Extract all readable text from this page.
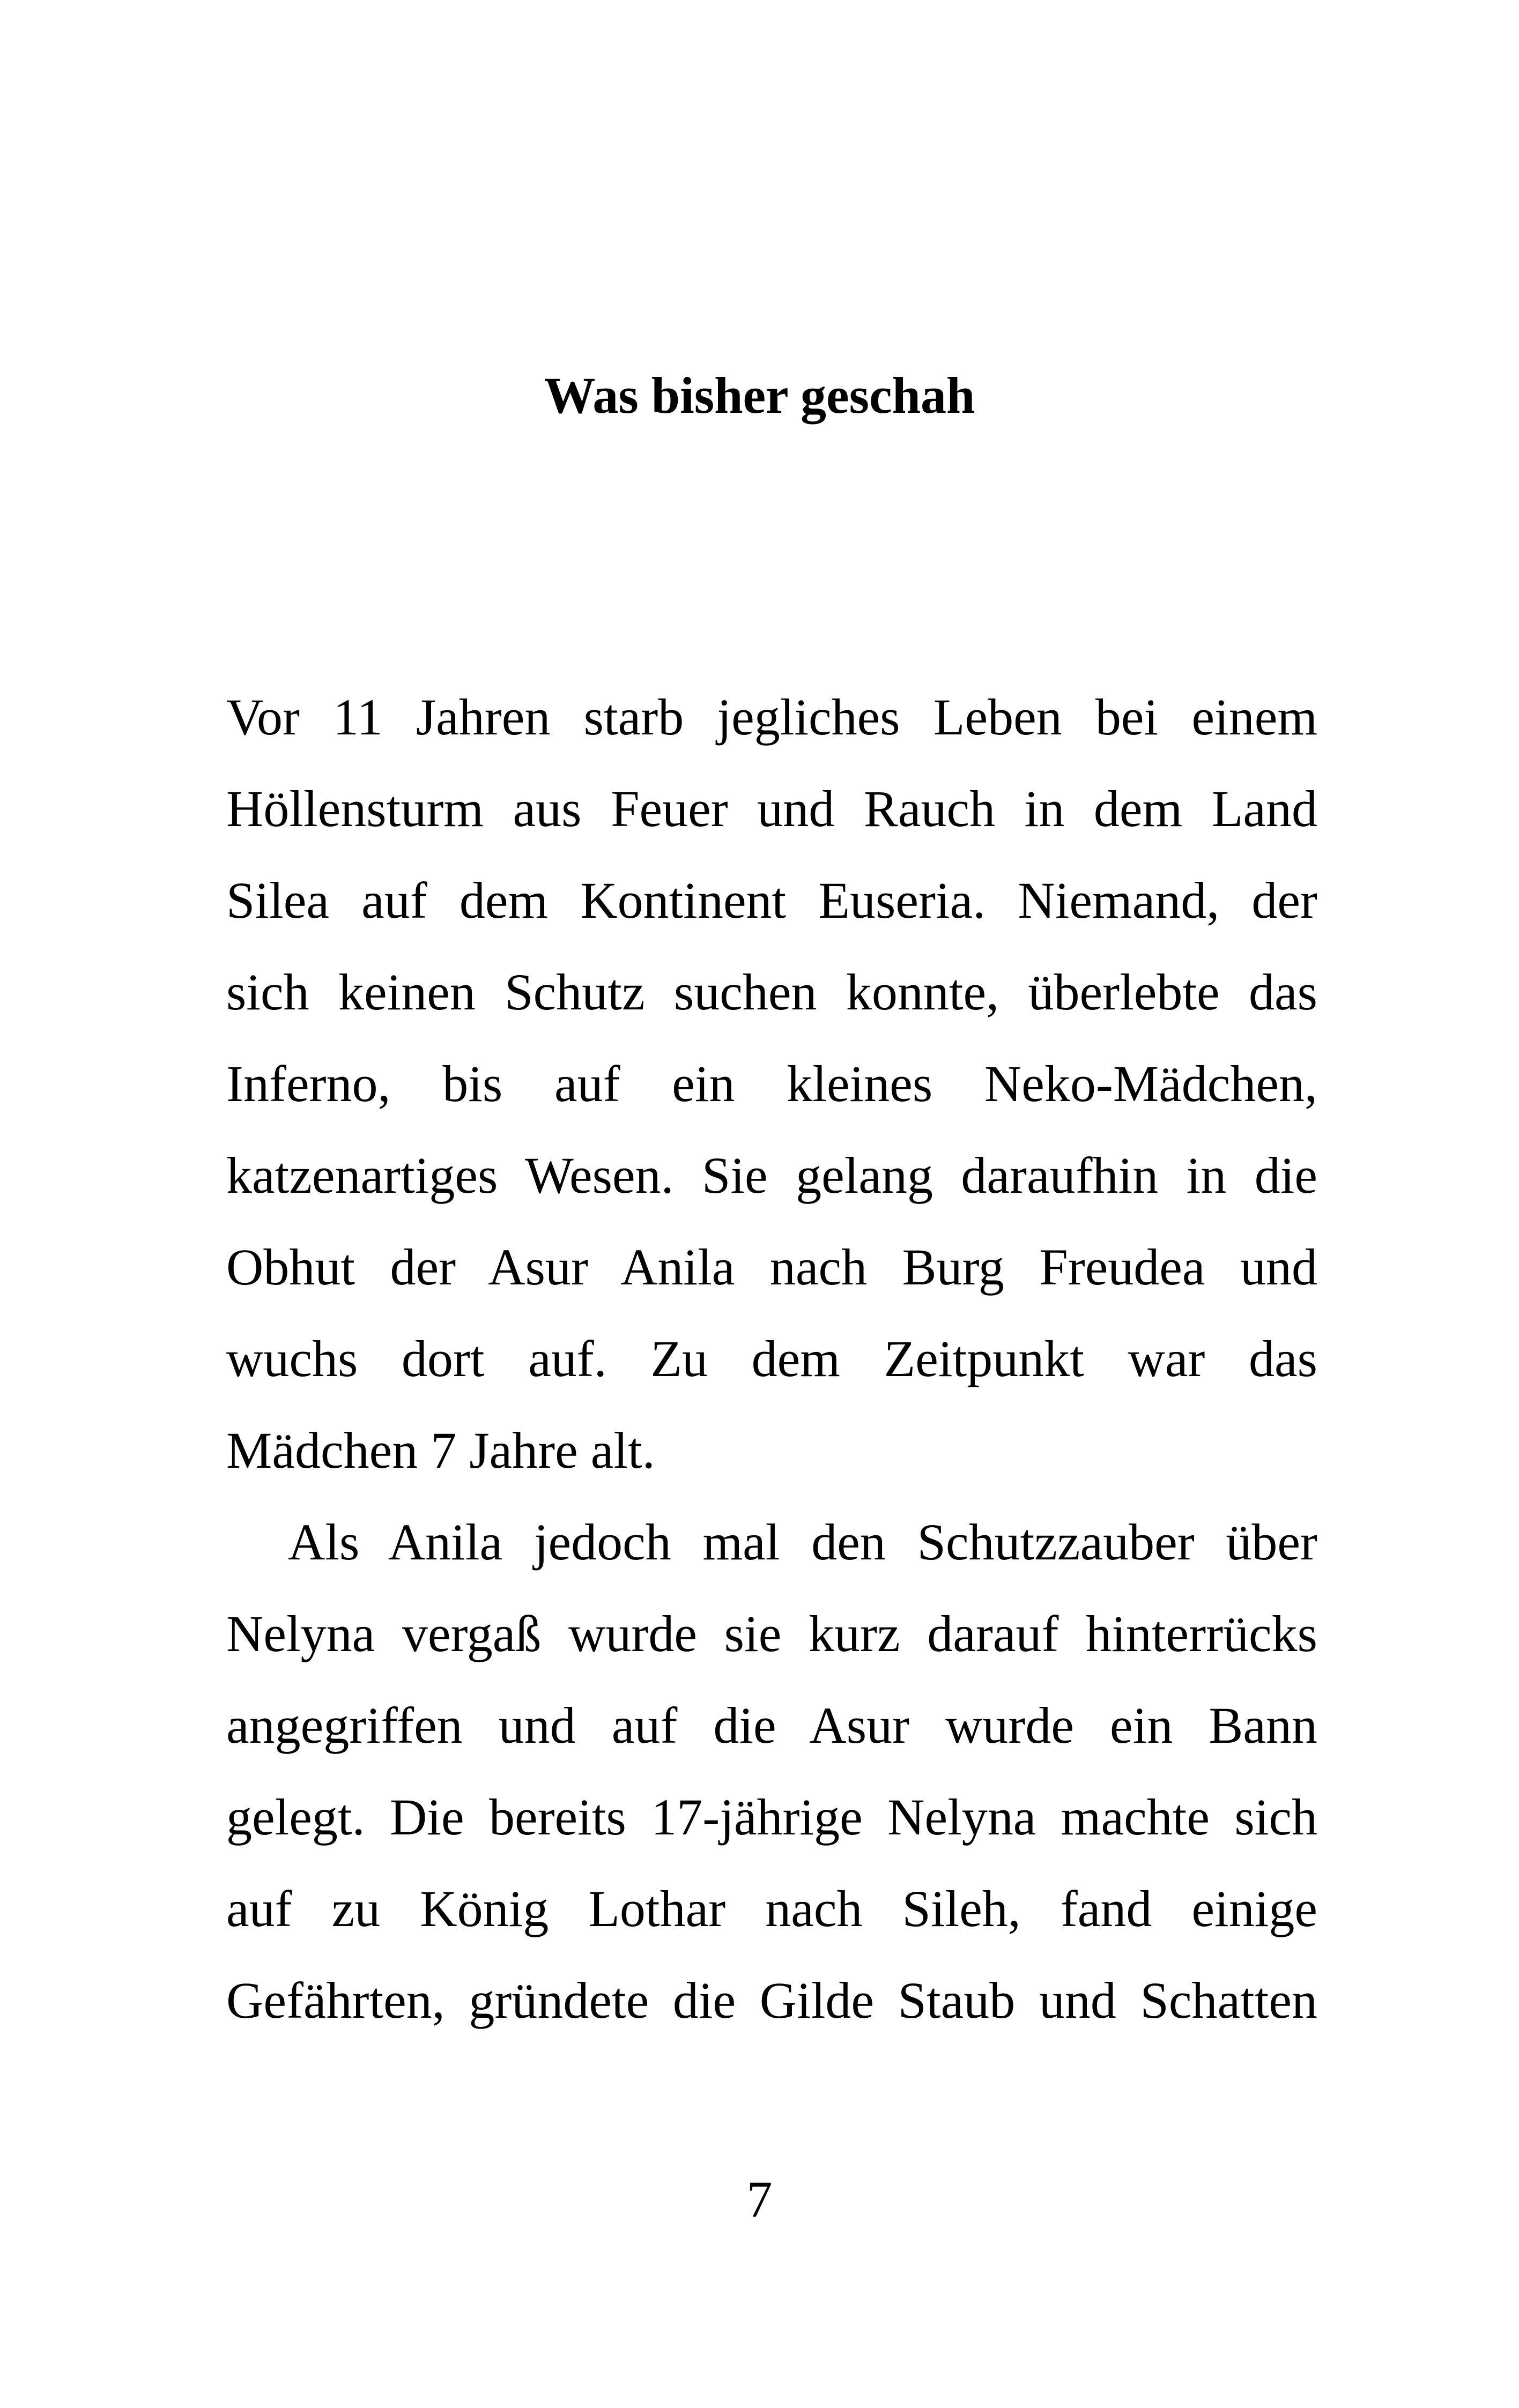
Was bisher geschah
Vor 11 Jahren starb jegliches Leben bei einem
Höllensturm aus Feuer und Rauch in dem Land
Silea auf dem Kontinent Euseria. Niemand, der
sich keinen Schutz suchen konnte, überlebte das
Inferno, bis auf ein kleines Neko-Mädchen,
katzenartiges Wesen. Sie gelang daraufhin in die
Obhut der Asur Anila nach Burg Freudea und
wuchs dort auf. Zu dem Zeitpunkt war das
Mädchen 7 Jahre alt.
Als Anila jedoch mal den Schutzzauber über
Nelyna vergaß wurde sie kurz darauf hinterrücks
angegriffen und auf die Asur wurde ein Bann
gelegt. Die bereits 17-jährige Nelyna machte sich
auf zu König Lothar nach Sileh, fand einige
Gefährten, gründete die Gilde Staub und Schatten
7
